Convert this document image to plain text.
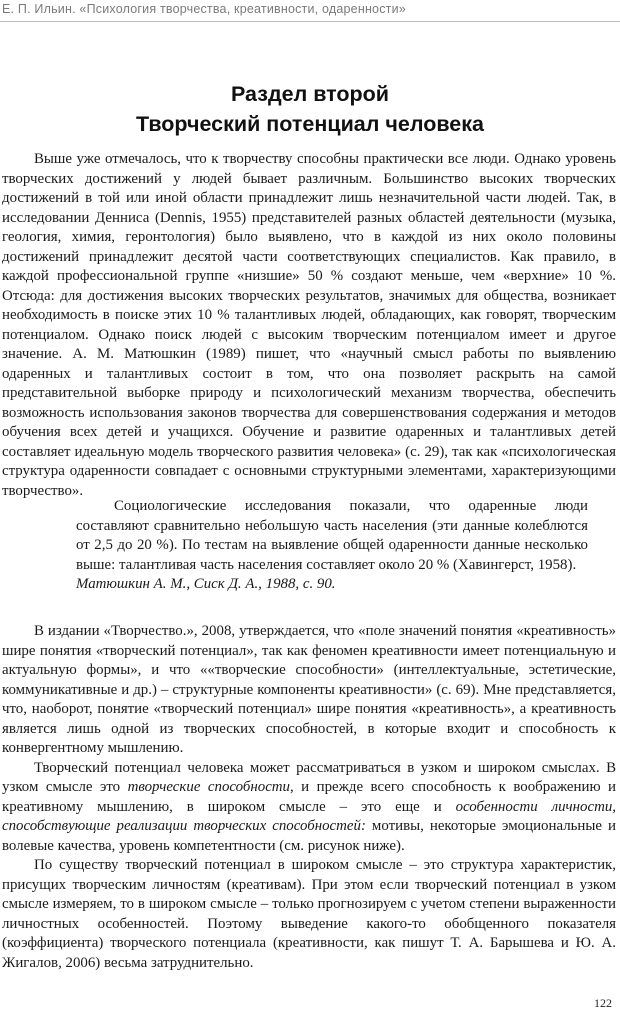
Е. П. Ильин. «Психология творчества, креативности, одаренности»
Раздел второй
Творческий потенциал человека

Выше уже отмечалось, что к творчеству способны практически все люди. Однако уровень творческих достижений у людей бывает различным. Большинство высоких творческих достижений в той или иной области принадлежит лишь незначительной части людей. Так, в исследовании Денниса (Dennis, 1955) представителей разных областей деятельности (музыка, геология, химия, геронтология) было выявлено, что в каждой из них около половины достижений принадлежит десятой части соответствующих специалистов. Как правило, в каждой профессиональной группе «низшие» 50 % создают меньше, чем «верхние» 10 %. Отсюда: для достижения высоких творческих результатов, значимых для общества, возникает необходимость в поиске этих 10 % талантливых людей, обладающих, как говорят, творческим потенциалом. Однако поиск людей с высоким творческим потенциалом имеет и другое значение. А. М. Матюшкин (1989) пишет, что «научный смысл работы по выявлению одаренных и талантливых состоит в том, что она позволяет раскрыть на самой представительной выборке природу и психологический механизм творчества, обеспечить возможность использования законов творчества для совершенствования содержания и методов обучения всех детей и учащихся. Обучение и развитие одаренных и талантливых детей составляет идеальную модель творческого развития человека» (с. 29), так как «психологическая структура одаренности совпадает с основными структурными элементами, характеризующими творчество».

Социологические исследования показали, что одаренные люди составляют сравнительно небольшую часть населения (эти данные колеблются от 2,5 до 20 %). По тестам на выявление общей одаренности данные несколько выше: талантливая часть населения составляет около 20 % (Хавингерст, 1958).

Матюшкин А. М., Сиск Д. А., 1988, с. 90.

В издании «Творчество.», 2008, утверждается, что «поле значений понятия «креативность» шире понятия «творческий потенциал», так как феномен креативности имеет потенциальную и актуальную формы», и что ««творческие способности» (интеллектуальные, эстетические, коммуникативные и др.) – структурные компоненты креативности» (с. 69). Мне представляется, что, наоборот, понятие «творческий потенциал» шире понятия «креативность», а креативность является лишь одной из творческих способностей, в которые входит и способность к конвергентному мышлению.

Творческий потенциал человека может рассматриваться в узком и широком смыслах. В узком смысле это творческие способности, и прежде всего способность к воображению и креативному мышлению, в широком смысле – это еще и особенности личности, способствующие реализации творческих способностей: мотивы, некоторые эмоциональные и волевые качества, уровень компетентности (см. рисунок ниже).

По существу творческий потенциал в широком смысле – это структура характеристик, присущих творческим личностям (креативам). При этом если творческий потенциал в узком смысле измеряем, то в широком смысле – только прогнозируем с учетом степени выраженности личностных особенностей. Поэтому выведение какого-то обобщенного показателя (коэффициента) творческого потенциала (креативности, как пишут Т. А. Барышева и Ю. А. Жигалов, 2006) весьма затруднительно.

122
